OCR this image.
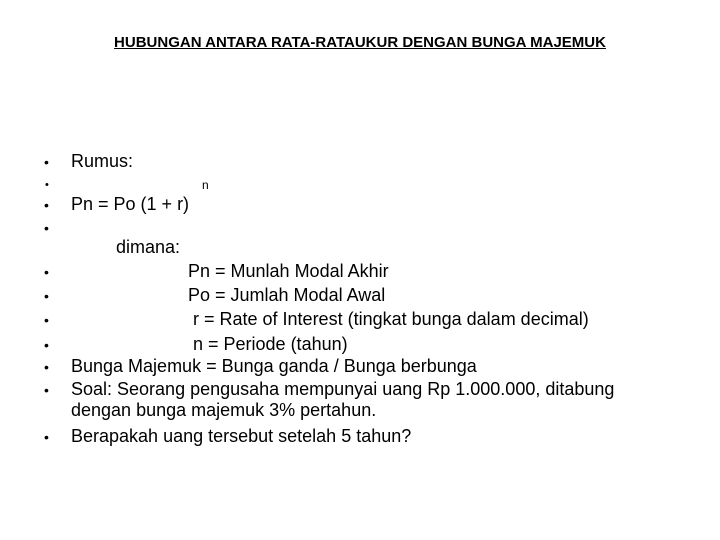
HUBUNGAN ANTARA RATA-RATAUKUR DENGAN BUNGA MAJEMUK
•
•
•
•
•
•
•
•
•
•
•
Rumus:
n
Pn = Po (1 + r)
dimana:
Pn = Munlah Modal Akhir
Po = Jumlah Modal Awal
r = Rate of Interest (tingkat bunga dalam decimal)
n = Periode (tahun)
Bunga Majemuk = Bunga ganda / Bunga berbunga
Soal: Seorang pengusaha mempunyai uang Rp 1.000.000, ditabung
dengan bunga majemuk 3% pertahun.
Berapakah uang tersebut setelah 5 tahun?
